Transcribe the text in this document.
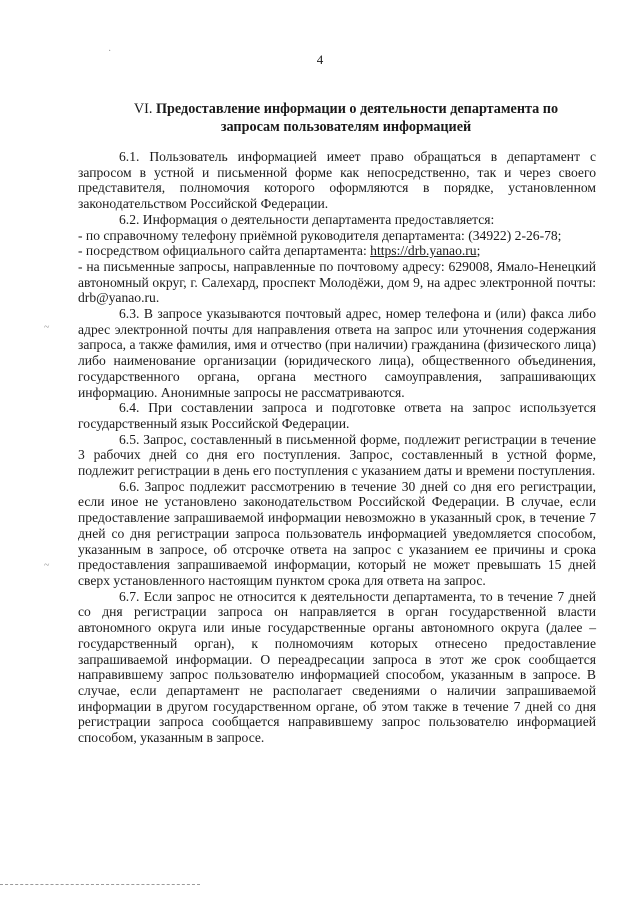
4
VI. Предоставление информации о деятельности департамента по
запросам пользователям информацией
·
~
~

6.1. Пользователь информацией имеет право обращаться в департамент с запросом в устной и письменной форме как непосредственно, так и через своего представителя, полномочия которого оформляются в порядке, установленном законодательством Российской Федерации.

6.2. Информация о деятельности департамента предоставляется:

- по справочному телефону приёмной руководителя департамента: (34922) 2-26-78;

- посредством официального сайта департамента: https://drb.yanao.ru;

- на письменные запросы, направленные по почтовому адресу: 629008, Ямало-Ненецкий автономный округ, г. Салехард, проспект Молодёжи, дом 9, на адрес электронной почты: drb@yanao.ru.

6.3. В запросе указываются почтовый адрес, номер телефона и (или) факса либо адрес электронной почты для направления ответа на запрос или уточнения содержания запроса, а также фамилия, имя и отчество (при наличии) гражданина (физического лица) либо наименование организации (юридического лица), общественного объединения, государственного органа, органа местного самоуправления, запрашивающих информацию. Анонимные запросы не рассматриваются.

6.4. При составлении запроса и подготовке ответа на запрос используется государственный язык Российской Федерации.

6.5. Запрос, составленный в письменной форме, подлежит регистрации в течение 3 рабочих дней со дня его поступления. Запрос, составленный в устной форме, подлежит регистрации в день его поступления с указанием даты и времени поступления.

6.6. Запрос подлежит рассмотрению в течение 30 дней со дня его регистрации, если иное не установлено законодательством Российской Федерации. В случае, если предоставление запрашиваемой информации невозможно в указанный срок, в течение 7 дней со дня регистрации запроса пользователь информацией уведомляется способом, указанным в запросе, об отсрочке ответа на запрос с указанием ее причины и срока предоставления запрашиваемой информации, который не может превышать 15 дней сверх установленного настоящим пунктом срока для ответа на запрос.

6.7. Если запрос не относится к деятельности департамента, то в течение 7 дней со дня регистрации запроса он направляется в орган государственной власти автономного округа или иные государственные органы автономного округа (далее – государственный орган), к полномочиям которых отнесено предоставление запрашиваемой информации. О переадресации запроса в этот же срок сообщается направившему запрос пользователю информацией способом, указанным в запросе. В случае, если департамент не располагает сведениями о наличии запрашиваемой информации в другом государственном органе, об этом также в течение 7 дней со дня регистрации запроса сообщается направившему запрос пользователю информацией способом, указанным в запросе.
